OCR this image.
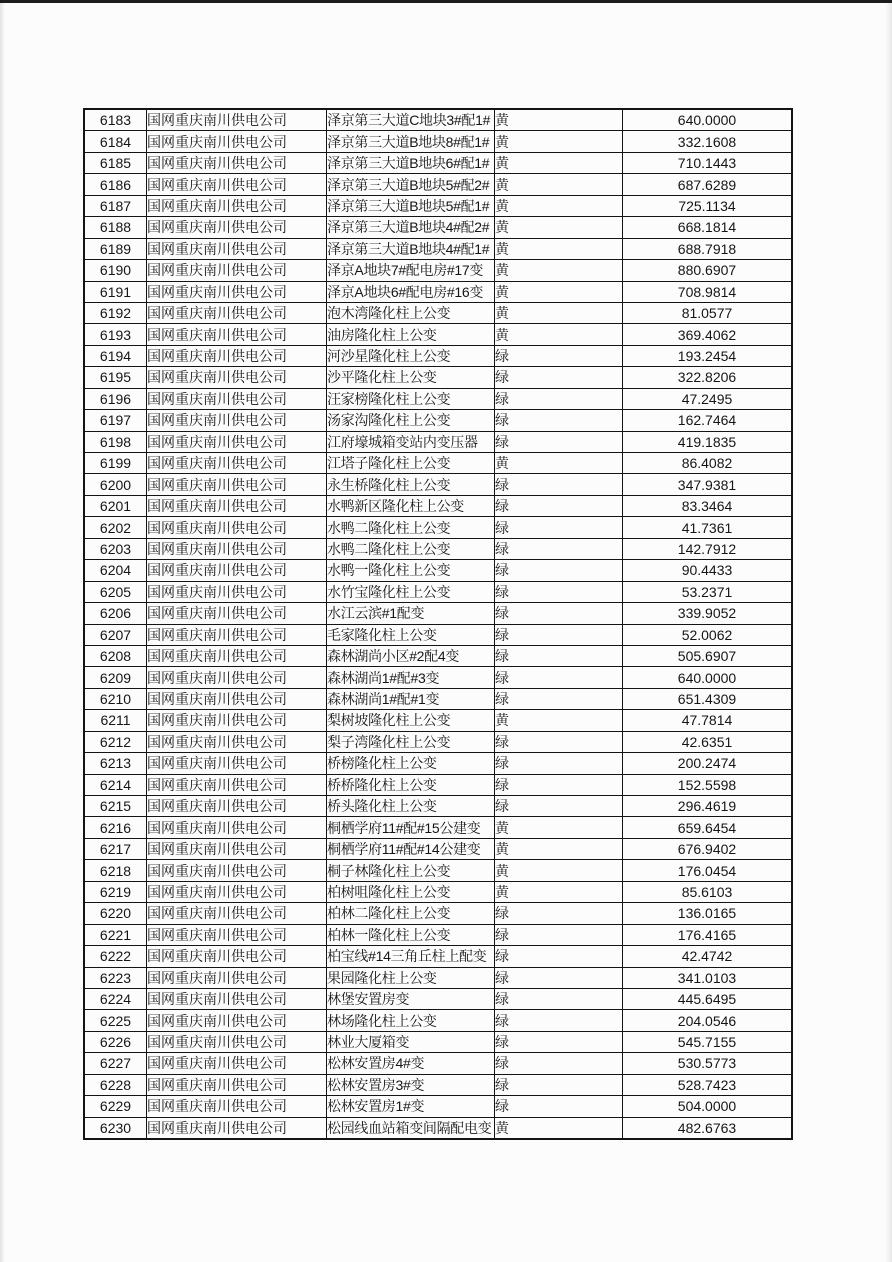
6183	国网重庆南川供电公司	泽京第三大道C地块3#配1#	黄	640.0000
6184	国网重庆南川供电公司	泽京第三大道B地块8#配1#	黄	332.1608
6185	国网重庆南川供电公司	泽京第三大道B地块6#配1#	黄	710.1443
6186	国网重庆南川供电公司	泽京第三大道B地块5#配2#	黄	687.6289
6187	国网重庆南川供电公司	泽京第三大道B地块5#配1#	黄	725.1134
6188	国网重庆南川供电公司	泽京第三大道B地块4#配2#	黄	668.1814
6189	国网重庆南川供电公司	泽京第三大道B地块4#配1#	黄	688.7918
6190	国网重庆南川供电公司	泽京A地块7#配电房#17变	黄	880.6907
6191	国网重庆南川供电公司	泽京A地块6#配电房#16变	黄	708.9814
6192	国网重庆南川供电公司	泡木湾隆化柱上公变	黄	81.0577
6193	国网重庆南川供电公司	油房隆化柱上公变	黄	369.4062
6194	国网重庆南川供电公司	河沙星隆化柱上公变	绿	193.2454
6195	国网重庆南川供电公司	沙平隆化柱上公变	绿	322.8206
6196	国网重庆南川供电公司	汪家榜隆化柱上公变	绿	47.2495
6197	国网重庆南川供电公司	汤家沟隆化柱上公变	绿	162.7464
6198	国网重庆南川供电公司	江府壕城箱变站内变压器	绿	419.1835
6199	国网重庆南川供电公司	江塔子隆化柱上公变	黄	86.4082
6200	国网重庆南川供电公司	永生桥隆化柱上公变	绿	347.9381
6201	国网重庆南川供电公司	水鸭新区隆化柱上公变	绿	83.3464
6202	国网重庆南川供电公司	水鸭二隆化柱上公变	绿	41.7361
6203	国网重庆南川供电公司	水鸭二隆化柱上公变	绿	142.7912
6204	国网重庆南川供电公司	水鸭一隆化柱上公变	绿	90.4433
6205	国网重庆南川供电公司	水竹宝隆化柱上公变	绿	53.2371
6206	国网重庆南川供电公司	水江云滨#1配变	绿	339.9052
6207	国网重庆南川供电公司	毛家隆化柱上公变	绿	52.0062
6208	国网重庆南川供电公司	森林湖尚小区#2配4变	绿	505.6907
6209	国网重庆南川供电公司	森林湖尚1#配#3变	绿	640.0000
6210	国网重庆南川供电公司	森林湖尚1#配#1变	绿	651.4309
6211	国网重庆南川供电公司	梨树坡隆化柱上公变	黄	47.7814
6212	国网重庆南川供电公司	梨子湾隆化柱上公变	绿	42.6351
6213	国网重庆南川供电公司	桥榜隆化柱上公变	绿	200.2474
6214	国网重庆南川供电公司	桥桥隆化柱上公变	绿	152.5598
6215	国网重庆南川供电公司	桥头隆化柱上公变	绿	296.4619
6216	国网重庆南川供电公司	桐栖学府11#配#15公建变	黄	659.6454
6217	国网重庆南川供电公司	桐栖学府11#配#14公建变	黄	676.9402
6218	国网重庆南川供电公司	桐子林隆化柱上公变	黄	176.0454
6219	国网重庆南川供电公司	柏树咀隆化柱上公变	黄	85.6103
6220	国网重庆南川供电公司	柏林二隆化柱上公变	绿	136.0165
6221	国网重庆南川供电公司	柏林一隆化柱上公变	绿	176.4165
6222	国网重庆南川供电公司	柏宝线#14三角丘柱上配变	绿	42.4742
6223	国网重庆南川供电公司	果园隆化柱上公变	绿	341.0103
6224	国网重庆南川供电公司	林堡安置房变	绿	445.6495
6225	国网重庆南川供电公司	林场隆化柱上公变	绿	204.0546
6226	国网重庆南川供电公司	林业大厦箱变	绿	545.7155
6227	国网重庆南川供电公司	松林安置房4#变	绿	530.5773
6228	国网重庆南川供电公司	松林安置房3#变	绿	528.7423
6229	国网重庆南川供电公司	松林安置房1#变	绿	504.0000
6230	国网重庆南川供电公司	松园线血站箱变间隔配电变	黄	482.6763
